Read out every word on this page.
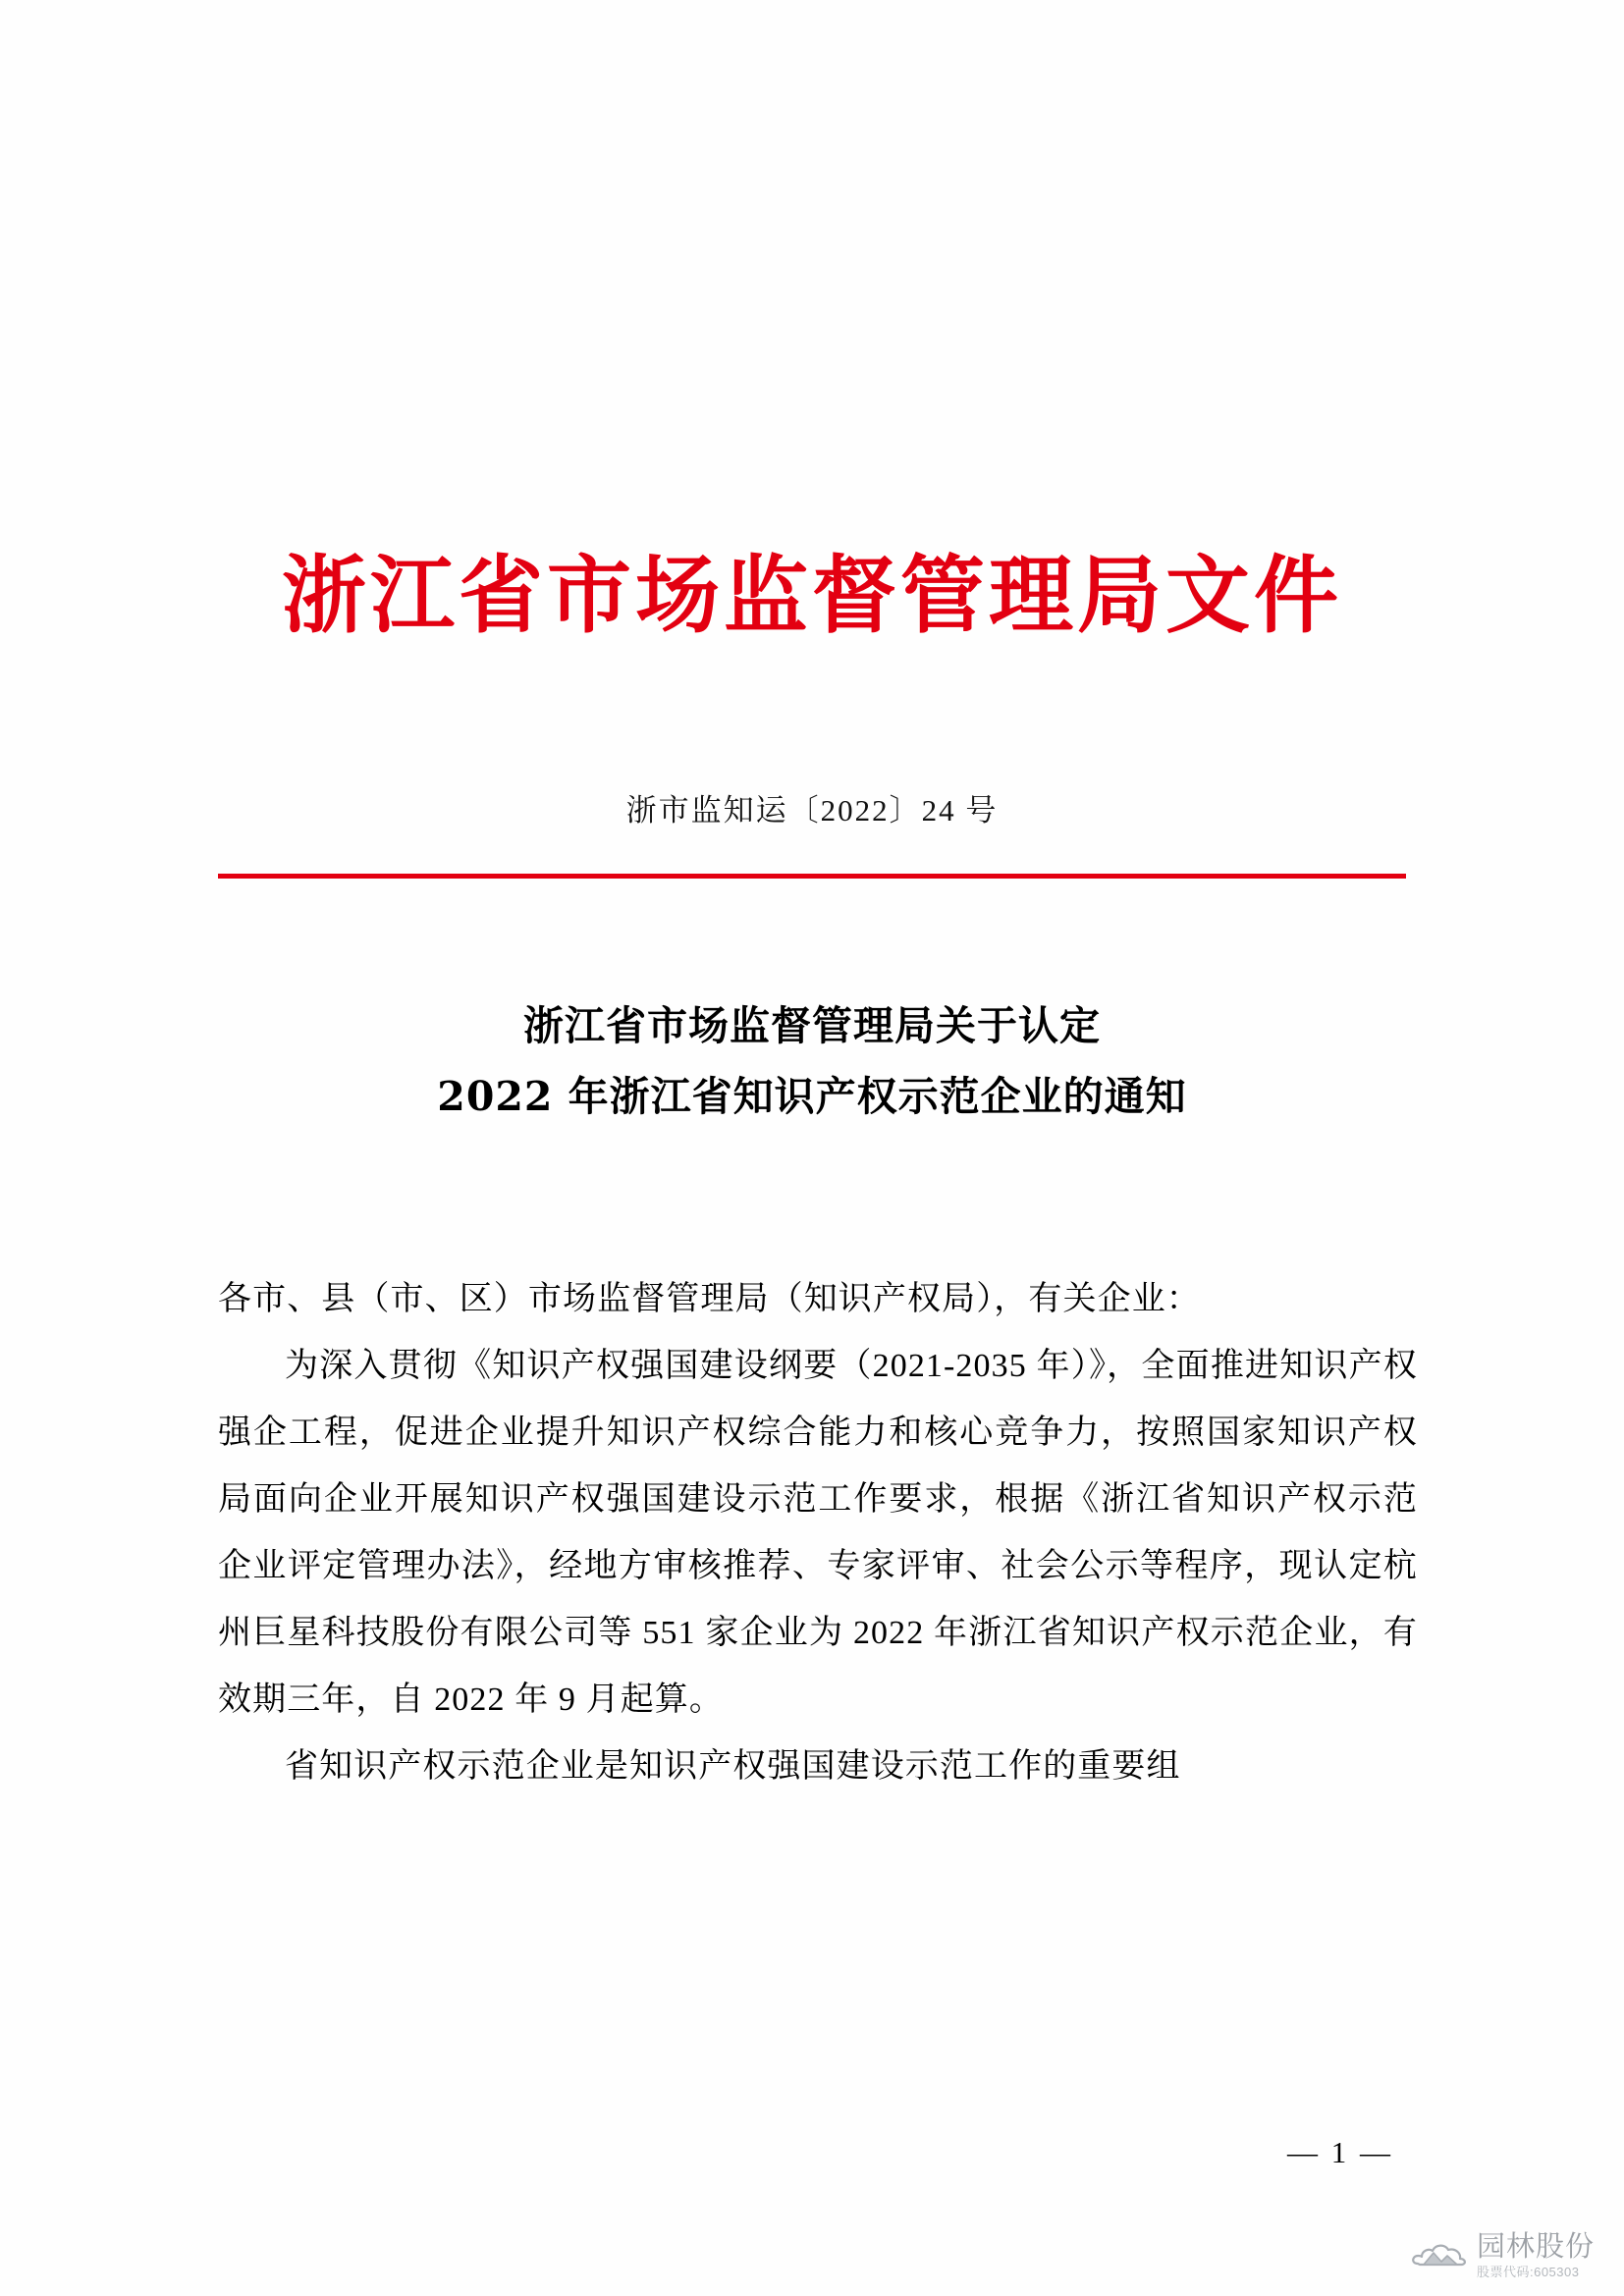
浙江省市场监督管理局文件
浙市监知运〔2022〕24 号
浙江省市场监督管理局关于认定
2022 年浙江省知识产权示范企业的通知

各市、县（市、区）市场监督管理局（知识产权局），有关企业：

为深入贯彻《知识产权强国建设纲要（2021-2035 年）》，全面推进知识产权强企工程，促进企业提升知识产权综合能力和核心竞争力，按照国家知识产权局面向企业开展知识产权强国建设示范工作要求，根据《浙江省知识产权示范企业评定管理办法》，经地方审核推荐、专家评审、社会公示等程序，现认定杭州巨星科技股份有限公司等 551 家企业为 2022 年浙江省知识产权示范企业，有效期三年，自 2022 年 9 月起算。

省知识产权示范企业是知识产权强国建设示范工作的重要组

— 1 —
园林股份
股票代码:605303
